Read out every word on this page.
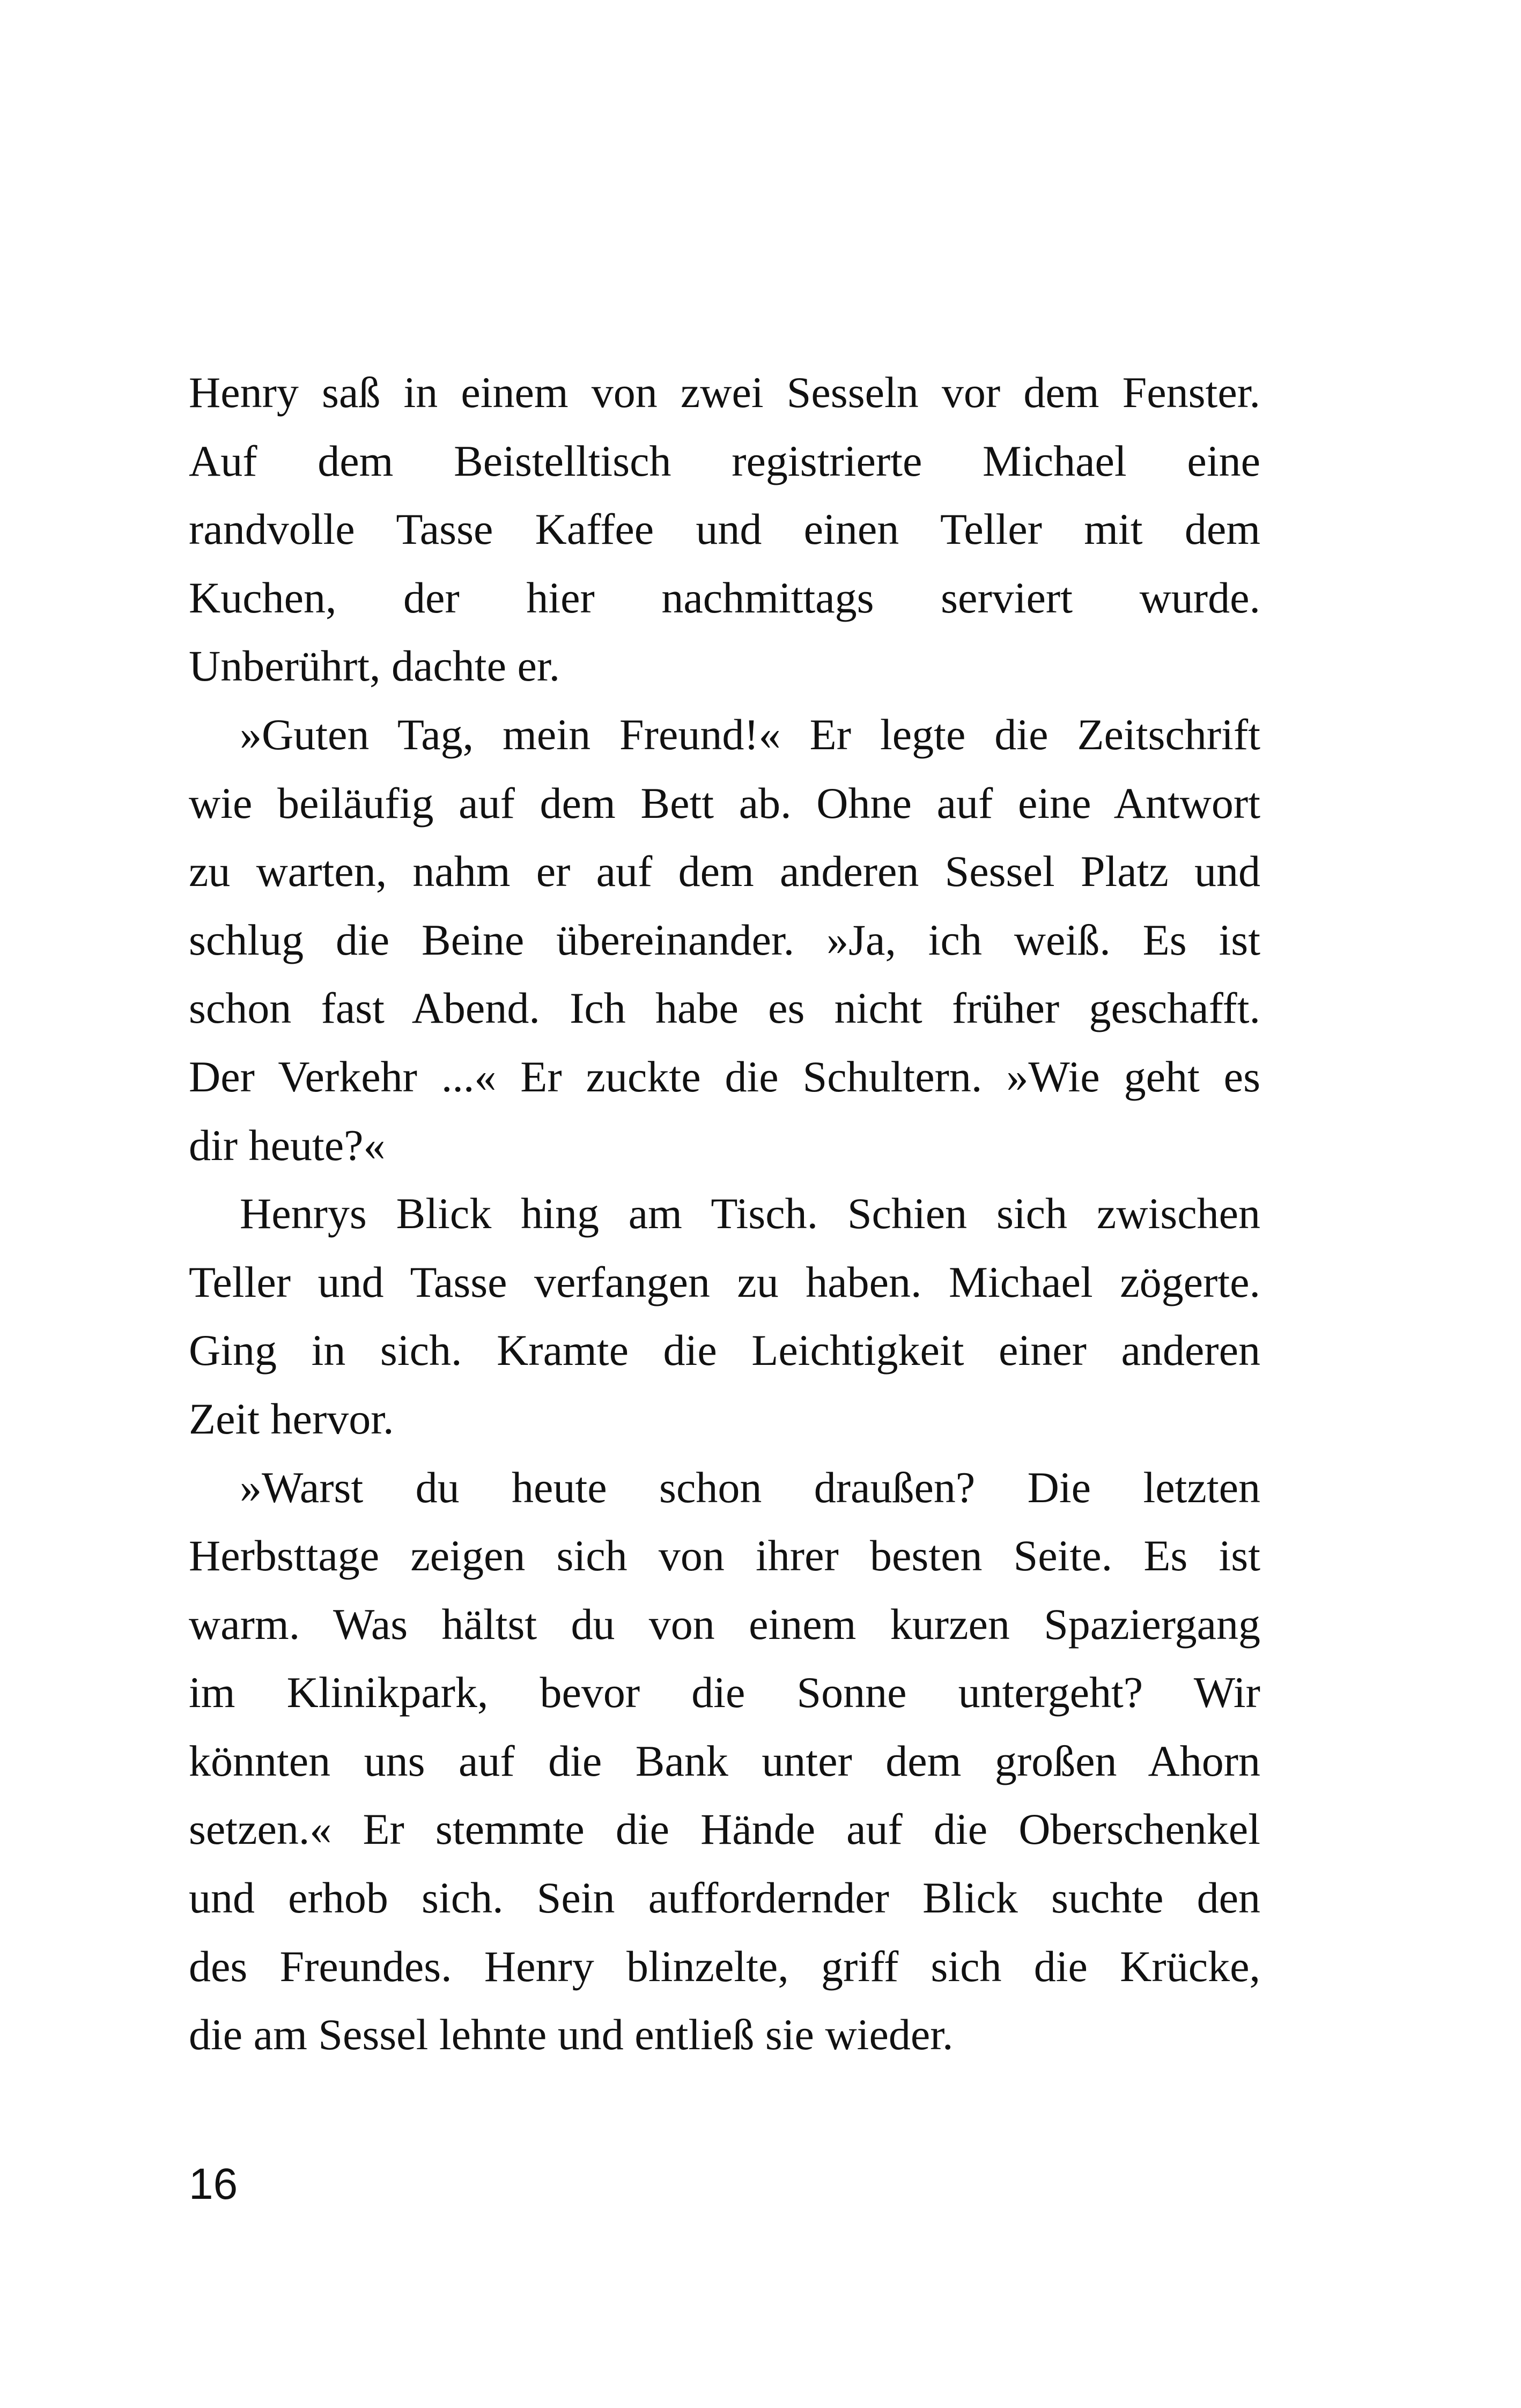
Henry saß in einem von zwei Sesseln vor dem Fenster.
Auf dem Beistelltisch registrierte Michael eine
randvolle Tasse Kaffee und einen Teller mit dem
Kuchen, der hier nachmittags serviert wurde.
Unberührt, dachte er.

»Guten Tag, mein Freund!« Er legte die Zeitschrift
wie beiläufig auf dem Bett ab. Ohne auf eine Antwort
zu warten, nahm er auf dem anderen Sessel Platz und
schlug die Beine übereinander. »Ja, ich weiß. Es ist
schon fast Abend. Ich habe es nicht früher geschafft.
Der Verkehr ...« Er zuckte die Schultern. »Wie geht es
dir heute?«

Henrys Blick hing am Tisch. Schien sich zwischen
Teller und Tasse verfangen zu haben. Michael zögerte.
Ging in sich. Kramte die Leichtigkeit einer anderen
Zeit hervor.

»Warst du heute schon draußen? Die letzten
Herbsttage zeigen sich von ihrer besten Seite. Es ist
warm. Was hältst du von einem kurzen Spaziergang
im Klinikpark, bevor die Sonne untergeht? Wir
könnten uns auf die Bank unter dem großen Ahorn
setzen.« Er stemmte die Hände auf die Oberschenkel
und erhob sich. Sein auffordernder Blick suchte den
des Freundes. Henry blinzelte, griff sich die Krücke,
die am Sessel lehnte und entließ sie wieder.

16
